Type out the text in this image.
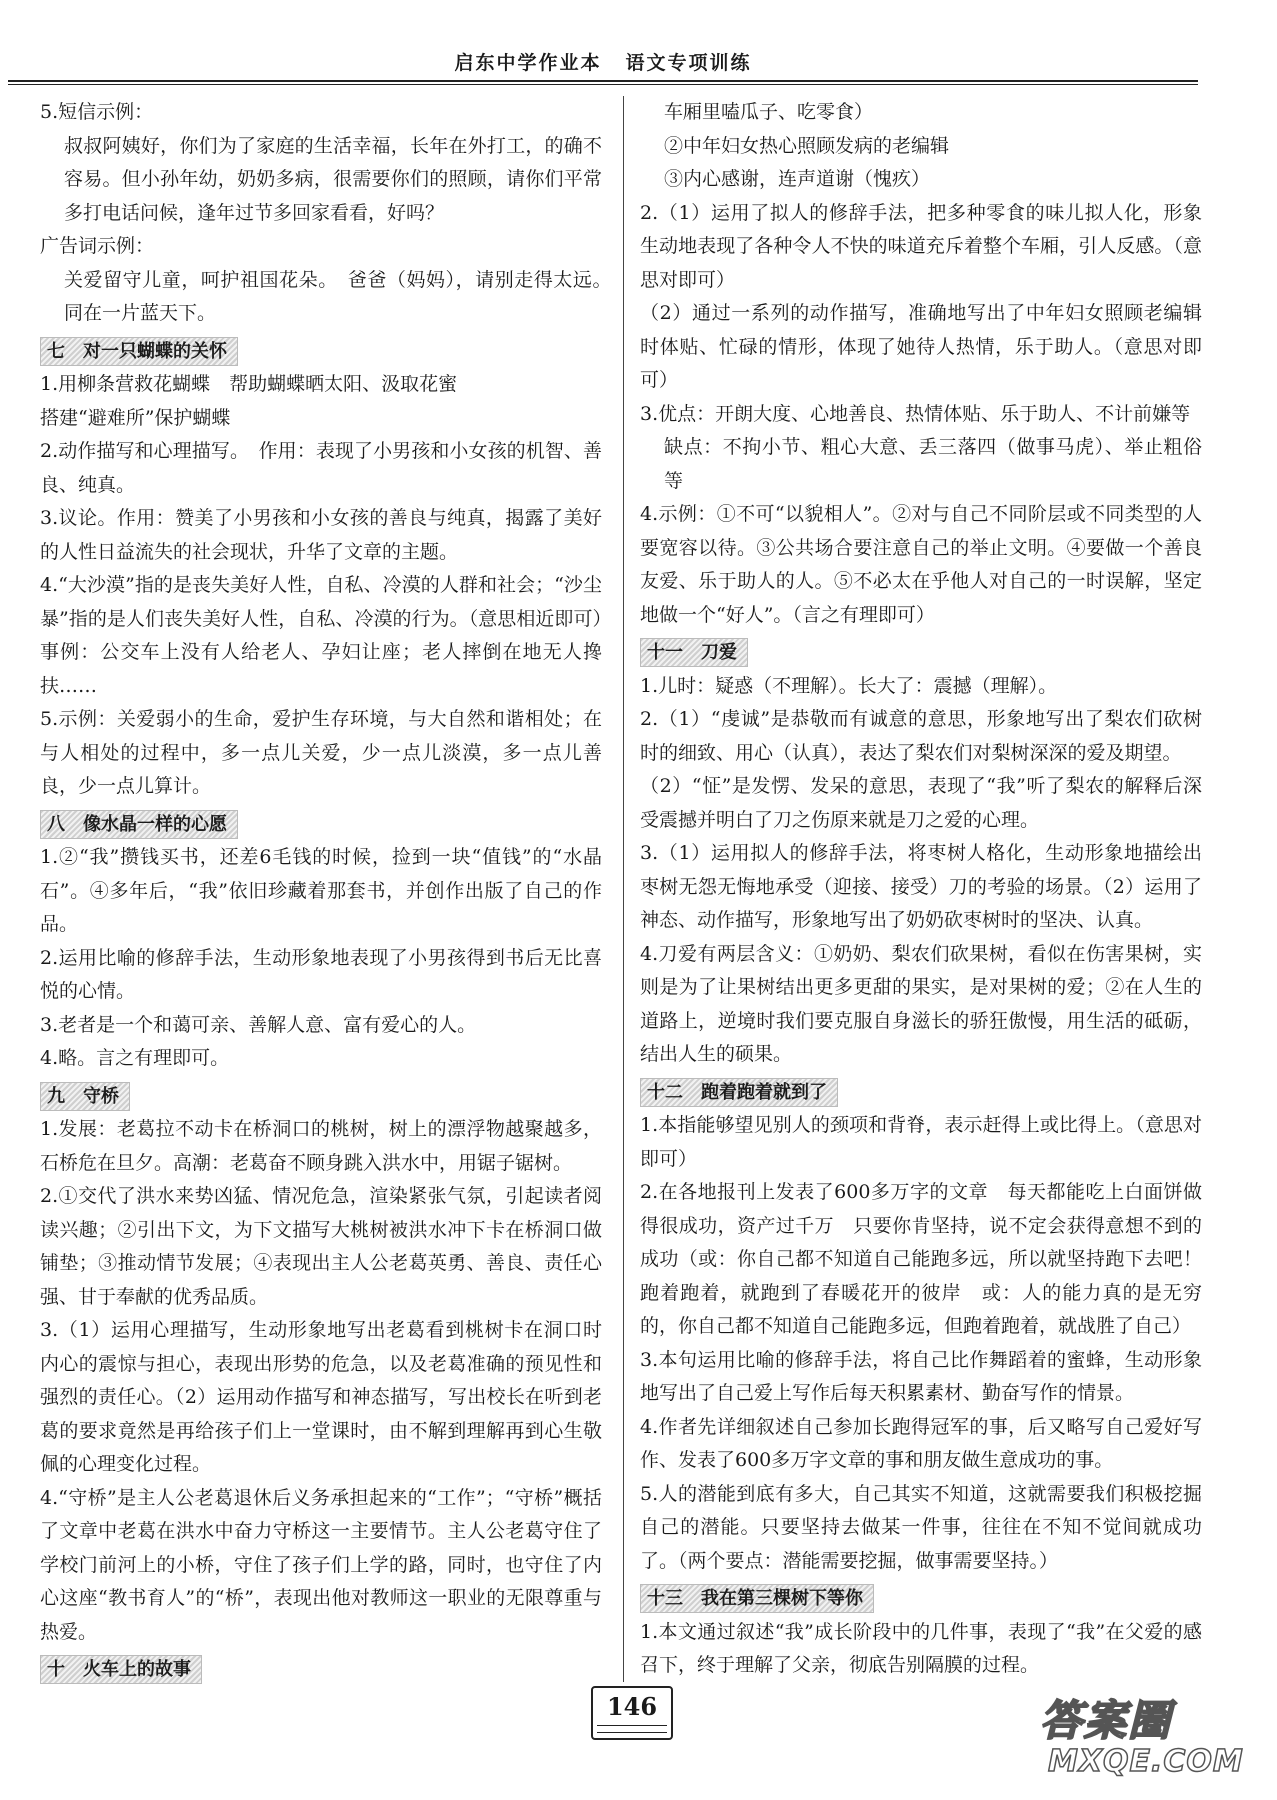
启东中学作业本 语文专项训练

5.短信示例：

叔叔阿姨好，你们为了家庭的生活幸福，长年在外打工，的确不容易。但小孙年幼，奶奶多病，很需要你们的照顾，请你们平常多打电话问候，逢年过节多回家看看，好吗？

广告词示例：

关爱留守儿童，呵护祖国花朵。　爸爸（妈妈），请别走得太远。　同在一片蓝天下。

七　对一只蝴蝶的关怀

1.用柳条营救花蝴蝶　帮助蝴蝶晒太阳、汲取花蜜

搭建“避难所”保护蝴蝶

2.动作描写和心理描写。　作用：表现了小男孩和小女孩的机智、善良、纯真。

3.议论。作用：赞美了小男孩和小女孩的善良与纯真，揭露了美好的人性日益流失的社会现状，升华了文章的主题。

4.“大沙漠”指的是丧失美好人性，自私、冷漠的人群和社会；“沙尘暴”指的是人们丧失美好人性，自私、冷漠的行为。（意思相近即可）　事例：公交车上没有人给老人、孕妇让座；老人摔倒在地无人搀扶……

5.示例：关爱弱小的生命，爱护生存环境，与大自然和谐相处；在与人相处的过程中，多一点儿关爱，少一点儿淡漠，多一点儿善良，少一点儿算计。

八　像水晶一样的心愿

1.②“我”攒钱买书，还差6毛钱的时候，捡到一块“值钱”的“水晶石”。④多年后，“我”依旧珍藏着那套书，并创作出版了自己的作品。

2.运用比喻的修辞手法，生动形象地表现了小男孩得到书后无比喜悦的心情。

3.老者是一个和蔼可亲、善解人意、富有爱心的人。

4.略。言之有理即可。

九　守桥

1.发展：老葛拉不动卡在桥洞口的桃树，树上的漂浮物越聚越多，石桥危在旦夕。高潮：老葛奋不顾身跳入洪水中，用锯子锯树。

2.①交代了洪水来势凶猛、情况危急，渲染紧张气氛，引起读者阅读兴趣；②引出下文，为下文描写大桃树被洪水冲下卡在桥洞口做铺垫；③推动情节发展；④表现出主人公老葛英勇、善良、责任心强、甘于奉献的优秀品质。

3.（1）运用心理描写，生动形象地写出老葛看到桃树卡在洞口时内心的震惊与担心，表现出形势的危急，以及老葛准确的预见性和强烈的责任心。（2）运用动作描写和神态描写，写出校长在听到老葛的要求竟然是再给孩子们上一堂课时，由不解到理解再到心生敬佩的心理变化过程。

4.“守桥”是主人公老葛退休后义务承担起来的“工作”；“守桥”概括了文章中老葛在洪水中奋力守桥这一主要情节。主人公老葛守住了学校门前河上的小桥，守住了孩子们上学的路，同时，也守住了内心这座“教书育人”的“桥”，表现出他对教师这一职业的无限尊重与热爱。

十　火车上的故事

车厢里嗑瓜子、吃零食）

②中年妇女热心照顾发病的老编辑

③内心感谢，连声道谢（愧疚）

2.（1）运用了拟人的修辞手法，把多种零食的味儿拟人化，形象生动地表现了各种令人不快的味道充斥着整个车厢，引人反感。（意思对即可）

（2）通过一系列的动作描写，准确地写出了中年妇女照顾老编辑时体贴、忙碌的情形，体现了她待人热情，乐于助人。（意思对即可）

3.优点：开朗大度、心地善良、热情体贴、乐于助人、不计前嫌等

缺点：不拘小节、粗心大意、丢三落四（做事马虎）、举止粗俗等

4.示例：①不可“以貌相人”。②对与自己不同阶层或不同类型的人要宽容以待。③公共场合要注意自己的举止文明。④要做一个善良友爱、乐于助人的人。⑤不必太在乎他人对自己的一时误解，坚定地做一个“好人”。（言之有理即可）

十一　刀爱

1.儿时：疑惑（不理解）。长大了：震撼（理解）。

2.（1）“虔诚”是恭敬而有诚意的意思，形象地写出了梨农们砍树时的细致、用心（认真），表达了梨农们对梨树深深的爱及期望。

（2）“怔”是发愣、发呆的意思，表现了“我”听了梨农的解释后深受震撼并明白了刀之伤原来就是刀之爱的心理。

3.（1）运用拟人的修辞手法，将枣树人格化，生动形象地描绘出枣树无怨无悔地承受（迎接、接受）刀的考验的场景。（2）运用了神态、动作描写，形象地写出了奶奶砍枣树时的坚决、认真。

4.刀爱有两层含义：①奶奶、梨农们砍果树，看似在伤害果树，实则是为了让果树结出更多更甜的果实，是对果树的爱；②在人生的道路上，逆境时我们要克服自身滋长的骄狂傲慢，用生活的砥砺，结出人生的硕果。

十二　跑着跑着就到了

1.本指能够望见别人的颈项和背脊，表示赶得上或比得上。（意思对即可）

2.在各地报刊上发表了600多万字的文章　每天都能吃上白面饼做得很成功，资产过千万　只要你肯坚持，说不定会获得意想不到的成功（或：你自己都不知道自己能跑多远，所以就坚持跑下去吧！跑着跑着，就跑到了春暖花开的彼岸　或：人的能力真的是无穷的，你自己都不知道自己能跑多远，但跑着跑着，就战胜了自己）

3.本句运用比喻的修辞手法，将自己比作舞蹈着的蜜蜂，生动形象地写出了自己爱上写作后每天积累素材、勤奋写作的情景。

4.作者先详细叙述自己参加长跑得冠军的事，后又略写自己爱好写作、发表了600多万字文章的事和朋友做生意成功的事。

5.人的潜能到底有多大，自己其实不知道，这就需要我们积极挖掘自己的潜能。只要坚持去做某一件事，往往在不知不觉间就成功了。（两个要点：潜能需要挖掘，做事需要坚持。）

十三　我在第三棵树下等你

1.本文通过叙述“我”成长阶段中的几件事，表现了“我”在父爱的感召下，终于理解了父亲，彻底告别隔膜的过程。

146	答案圈
MXQE.COM
